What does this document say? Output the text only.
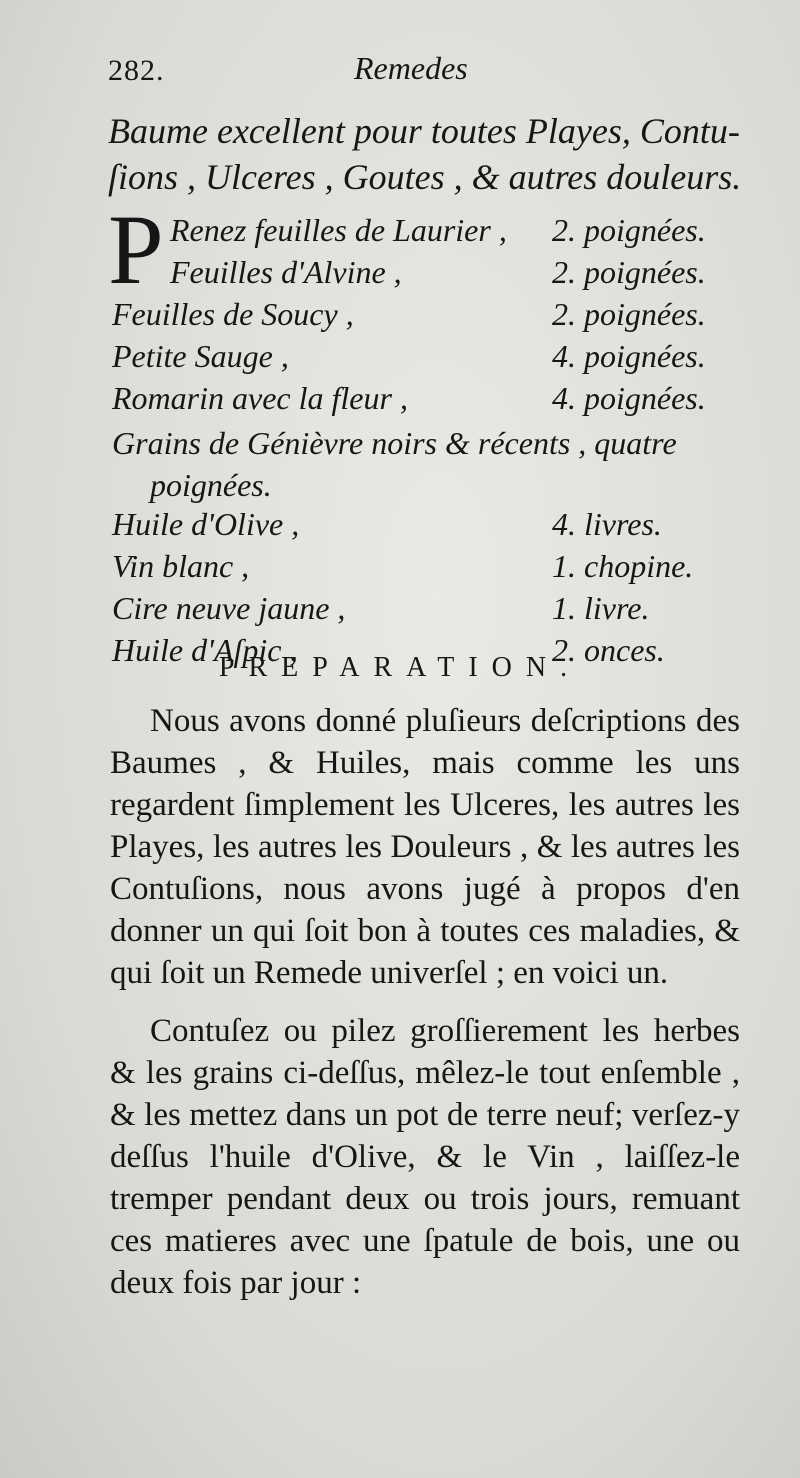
282.	Remedes
Baume excellent pour toutes Playes, Contu-
ſions , Ulceres , Goutes , & autres douleurs.
P Renez feuilles de Laurier , 2. poignées.
Feuilles d'Alvine ,	2. poignées.
Feuilles de Soucy ,	2. poignées.
Petite Sauge ,	4. poignées.
Romarin avec la fleur ,	4. poignées.
Grains de Génièvre noirs & récents , quatre
poignées.
Huile d'Olive ,	4. livres.
Vin blanc ,	1. chopine.
Cire neuve jaune ,	1. livre.
Huile d'Aſpic ,	2. onces.
PREPARATION.

Nous avons donné pluſieurs deſcriptions des Baumes , & Huiles, mais comme les uns regardent ſimplement les Ulceres, les autres les Playes, les autres les Douleurs , & les autres les Contuſions, nous avons jugé à propos d'en donner un qui ſoit bon à toutes ces maladies, & qui ſoit un Remede univerſel ; en voici un.

Contuſez ou pilez groſſierement les herbes & les grains ci-deſſus, mêlez-le tout enſemble , & les mettez dans un pot de terre neuf; verſez-y deſſus l'huile d'Olive, & le Vin , laiſſez-le tremper pendant deux ou trois jours, remuant ces matieres avec une ſpatule de bois, une ou deux fois par jour :
